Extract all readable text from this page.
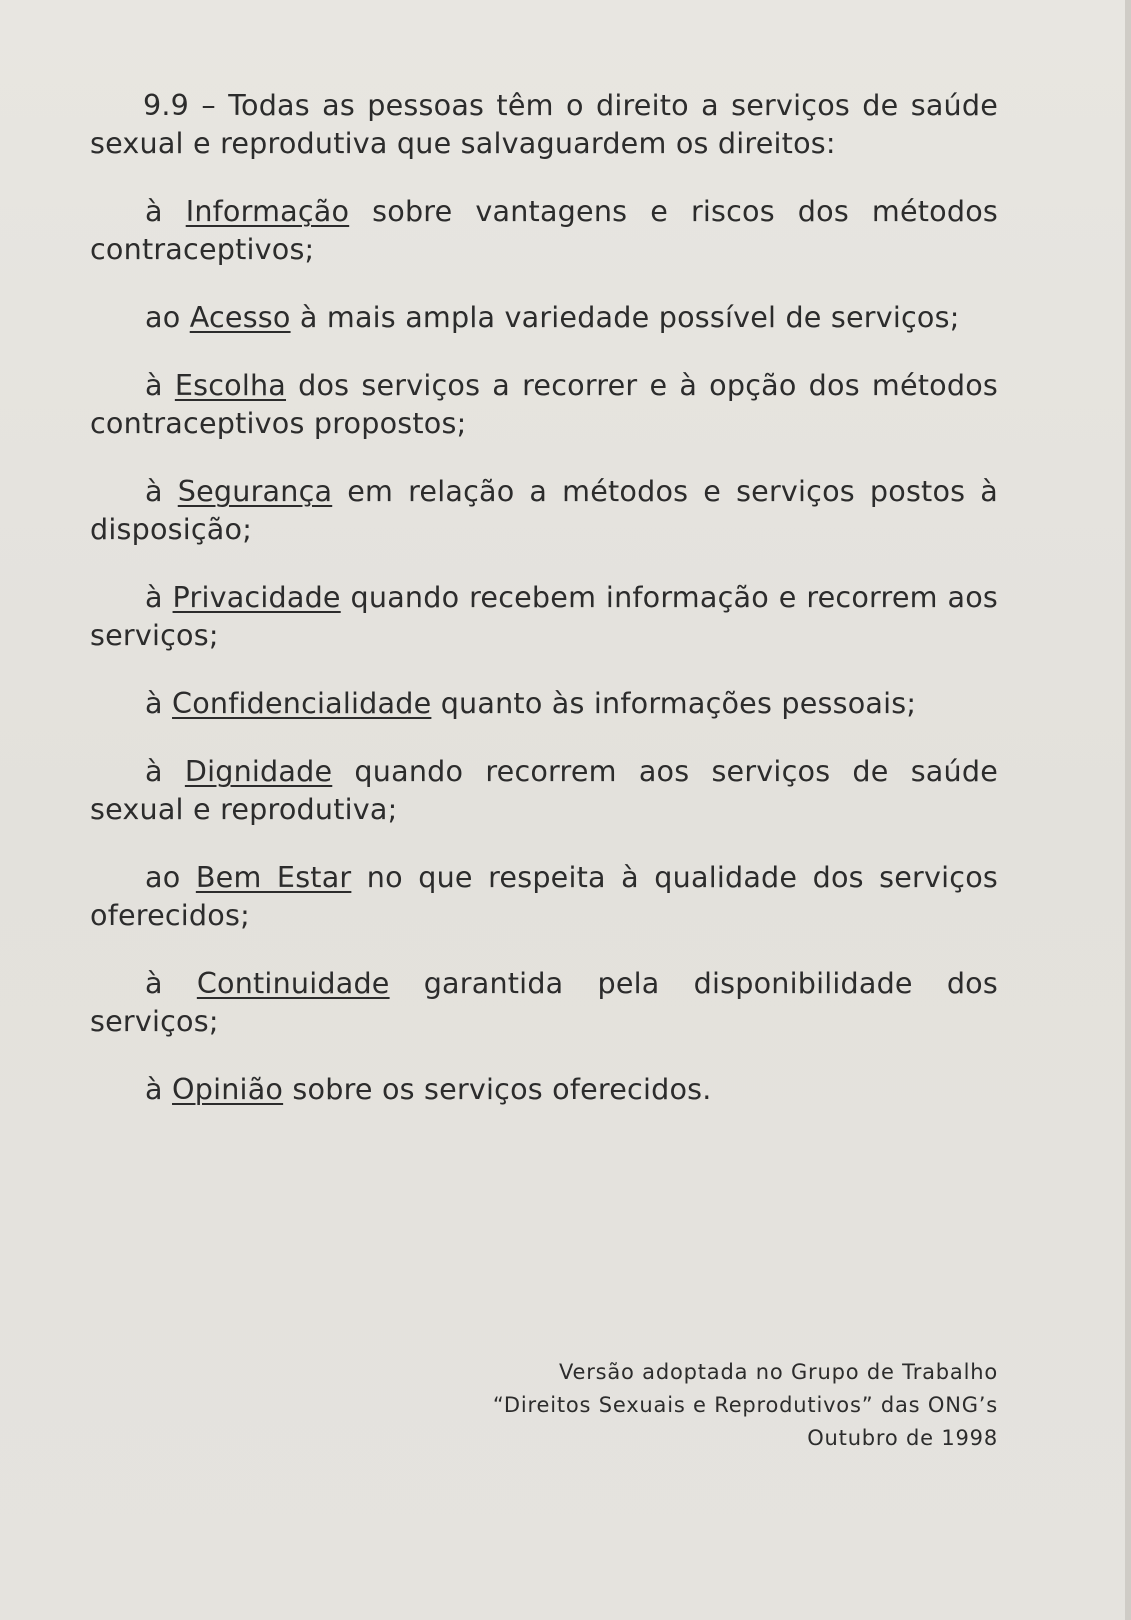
9.9 – Todas as pessoas têm o direito a serviços de saúde sexual e reprodutiva que salvaguardem os direitos:

à Informação sobre vantagens e riscos dos métodos contraceptivos;

ao Acesso à mais ampla variedade possível de serviços;

à Escolha dos serviços a recorrer e à opção dos métodos contraceptivos propostos;

à Segurança em relação a métodos e serviços postos à disposição;

à Privacidade quando recebem informação e recorrem aos serviços;

à Confidencialidade quanto às informações pessoais;

à Dignidade quando recorrem aos serviços de saúde sexual e reprodutiva;

ao Bem Estar no que respeita à qualidade dos serviços oferecidos;

à Continuidade garantida pela disponibilidade dos serviços;

à Opinião sobre os serviços oferecidos.

Versão adoptada no Grupo de Trabalho
“Direitos Sexuais e Reprodutivos” das ONG’s
Outubro de 1998
